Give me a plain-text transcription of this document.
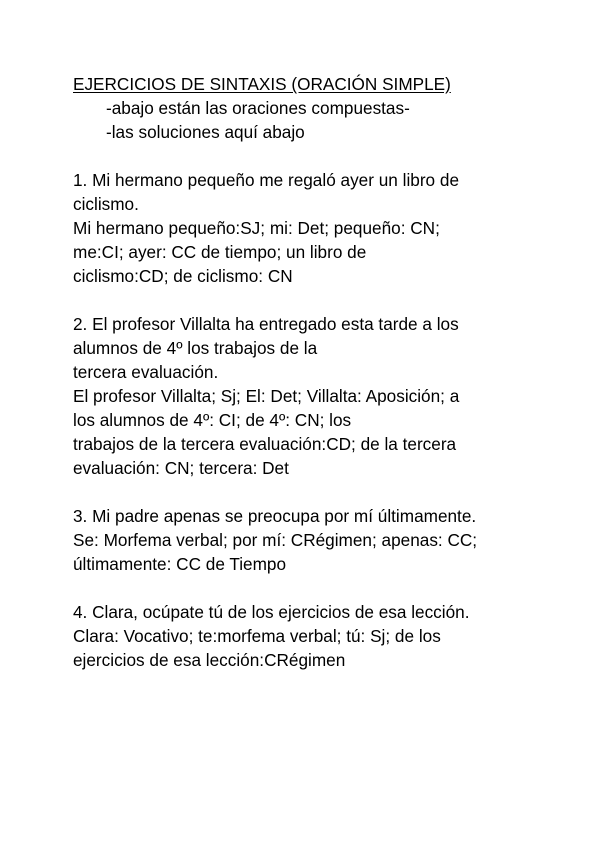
EJERCICIOS DE SINTAXIS (ORACIÓN SIMPLE)
-abajo están las oraciones compuestas-
-las soluciones aquí abajo
1. Mi hermano pequeño me regaló ayer un libro de
ciclismo.
Mi hermano pequeño:SJ; mi: Det; pequeño: CN;
me:CI; ayer: CC de tiempo; un libro de
ciclismo:CD; de ciclismo: CN
2. El profesor Villalta ha entregado esta tarde a los
alumnos de 4º los trabajos de la
tercera evaluación.
El profesor Villalta; Sj; El: Det; Villalta: Aposición; a
los alumnos de 4º: CI; de 4º: CN; los
trabajos de la tercera evaluación:CD; de la tercera
evaluación: CN; tercera: Det
3. Mi padre apenas se preocupa por mí últimamente.
Se: Morfema verbal; por mí: CRégimen; apenas: CC;
últimamente: CC de Tiempo
4. Clara, ocúpate tú de los ejercicios de esa lección.
Clara: Vocativo; te:morfema verbal; tú: Sj; de los
ejercicios de esa lección:CRégimen
